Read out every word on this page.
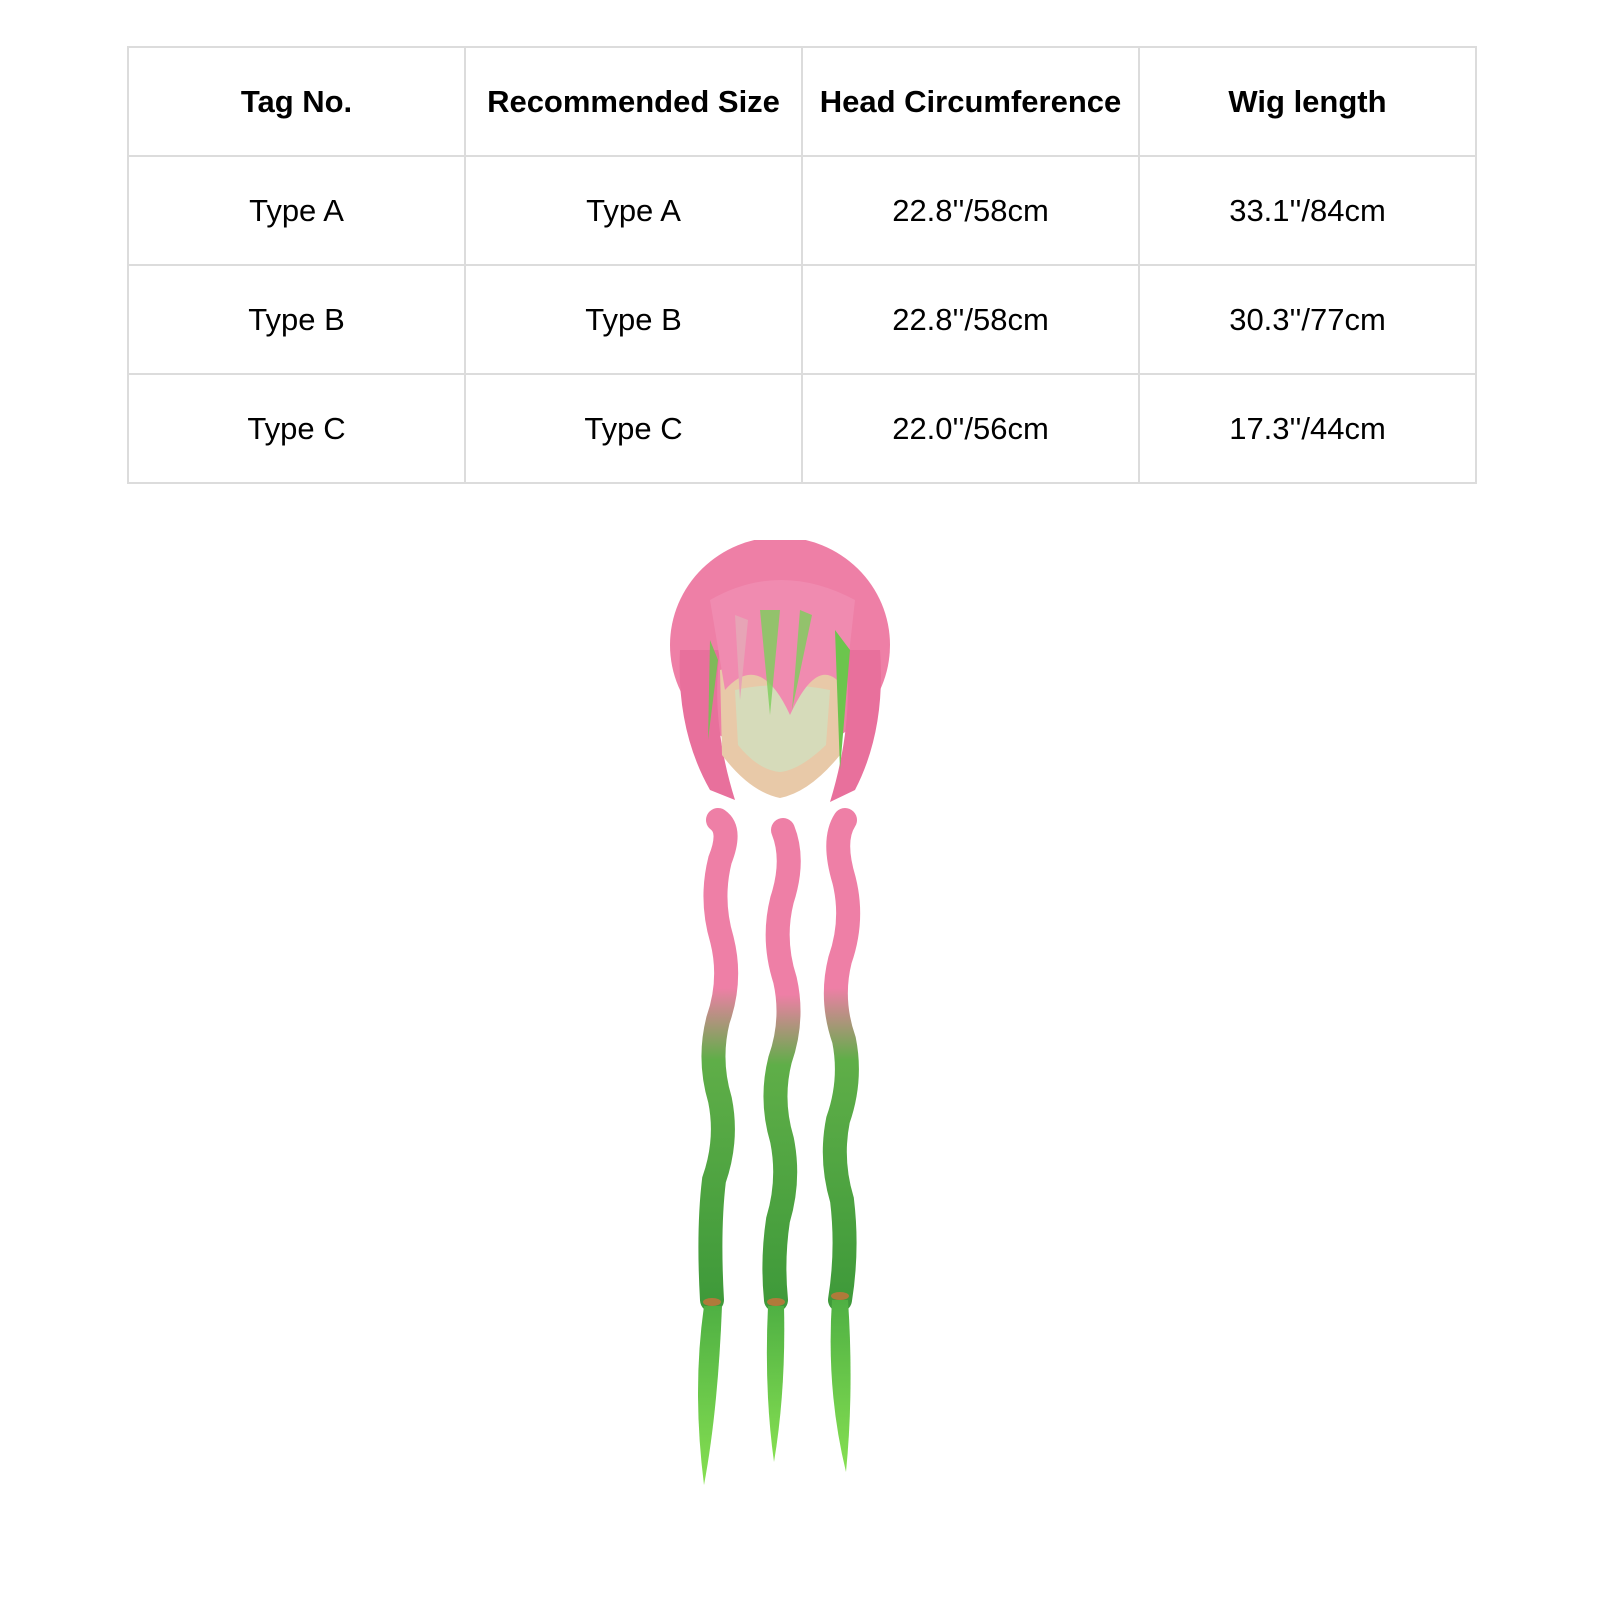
Tag No.	Recommended Size	Head Circumference	Wig length
Type A	Type A	22.8''/58cm	33.1''/84cm
Type B	Type B	22.8''/58cm	30.3''/77cm
Type C	Type C	22.0''/56cm	17.3''/44cm
